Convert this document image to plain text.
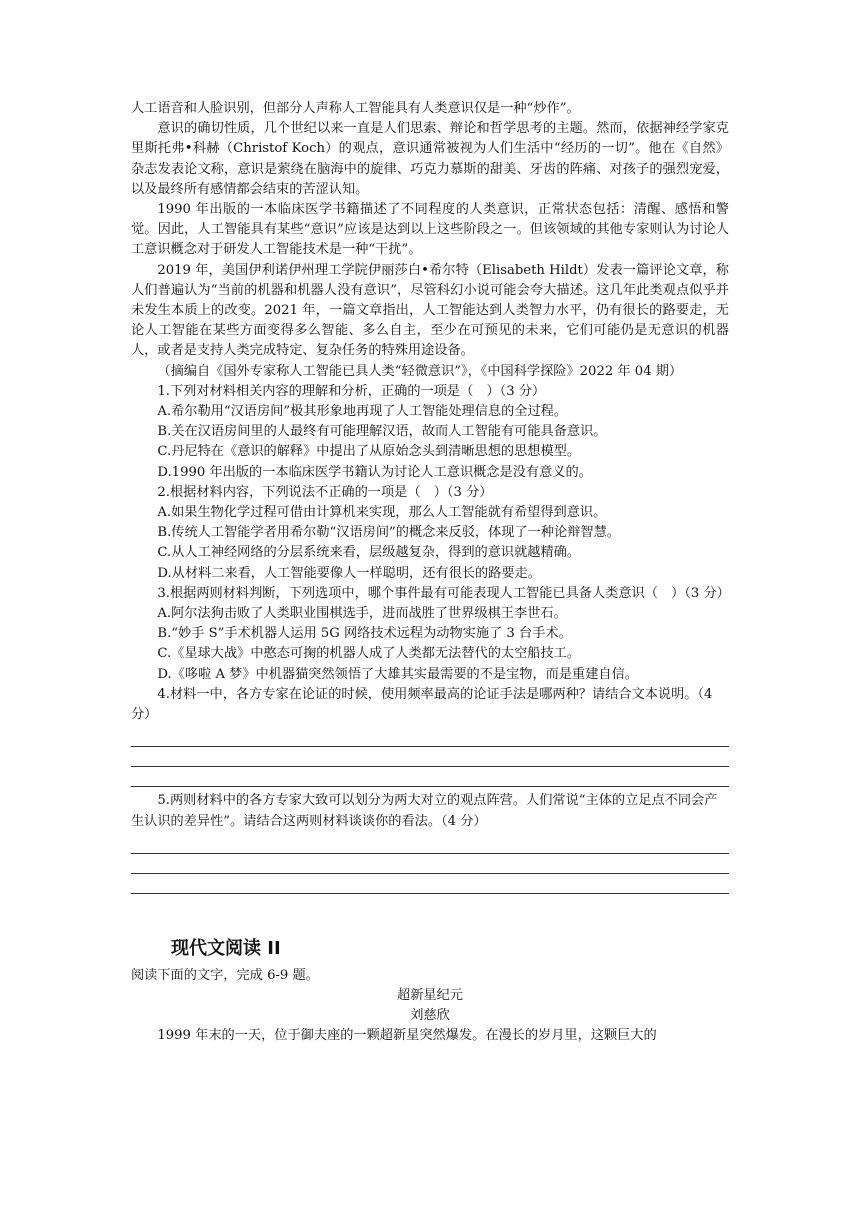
人工语音和人脸识别，但部分人声称人工智能具有人类意识仅是一种“炒作”。

意识的确切性质，几个世纪以来一直是人们思索、辩论和哲学思考的主题。然而，依据神经学家克里斯托弗•科赫（Christof Koch）的观点，意识通常被视为人们生活中“经历的一切”。他在《自然》杂志发表论文称，意识是萦绕在脑海中的旋律、巧克力慕斯的甜美、牙齿的阵痛、对孩子的强烈宠爱，以及最终所有感情都会结束的苦涩认知。

1990 年出版的一本临床医学书籍描述了不同程度的人类意识，正常状态包括：清醒、感悟和警觉。因此，人工智能具有某些“意识”应该是达到以上这些阶段之一。但该领域的其他专家则认为讨论人工意识概念对于研发人工智能技术是一种“干扰”。

2019 年，美国伊利诺伊州理工学院伊丽莎白•希尔特（Elisabeth Hildt）发表一篇评论文章，称人们普遍认为“当前的机器和机器人没有意识”，尽管科幻小说可能会夸大描述。这几年此类观点似乎并未发生本质上的改变。2021 年，一篇文章指出，人工智能达到人类智力水平，仍有很长的路要走，无论人工智能在某些方面变得多么智能、多么自主，至少在可预见的未来，它们可能仍是无意识的机器人，或者是支持人类完成特定、复杂任务的特殊用途设备。

（摘编自《国外专家称人工智能已具人类“轻微意识”》，《中国科学探险》2022 年 04 期）

1.下列对材料相关内容的理解和分析，正确的一项是（　）（3 分）

A.希尔勒用“汉语房间”极其形象地再现了人工智能处理信息的全过程。

B.关在汉语房间里的人最终有可能理解汉语，故而人工智能有可能具备意识。

C.丹尼特在《意识的解释》中提出了从原始念头到清晰思想的思想模型。

D.1990 年出版的一本临床医学书籍认为讨论人工意识概念是没有意义的。

2.根据材料内容，下列说法不正确的一项是（　）（3 分）

A.如果生物化学过程可借由计算机来实现，那么人工智能就有希望得到意识。

B.传统人工智能学者用希尔勒“汉语房间”的概念来反驳，体现了一种论辩智慧。

C.从人工神经网络的分层系统来看，层级越复杂，得到的意识就越精确。

D.从材料二来看，人工智能要像人一样聪明，还有很长的路要走。

3.根据两则材料判断，下列选项中，哪个事件最有可能表现人工智能已具备人类意识（　）（3 分）

A.阿尔法狗击败了人类职业围棋选手，进而战胜了世界级棋王李世石。

B.“妙手 S”手术机器人运用 5G 网络技术远程为动物实施了 3 台手术。

C.《星球大战》中憨态可掬的机器人成了人类都无法替代的太空船技工。

D.《哆啦 A 梦》中机器猫突然领悟了大雄其实最需要的不是宝物，而是重建自信。

4.材料一中，各方专家在论证的时候，使用频率最高的论证手法是哪两种？请结合文本说明。（4 分）

5.两则材料中的各方专家大致可以划分为两大对立的观点阵营。人们常说“主体的立足点不同会产生认识的差异性”。请结合这两则材料谈谈你的看法。（4 分）

现代文阅读 II

阅读下面的文字，完成 6-9 题。

超新星纪元

刘慈欣

1999 年末的一天，位于御夫座的一颗超新星突然爆发。在漫长的岁月里，这颗巨大的
